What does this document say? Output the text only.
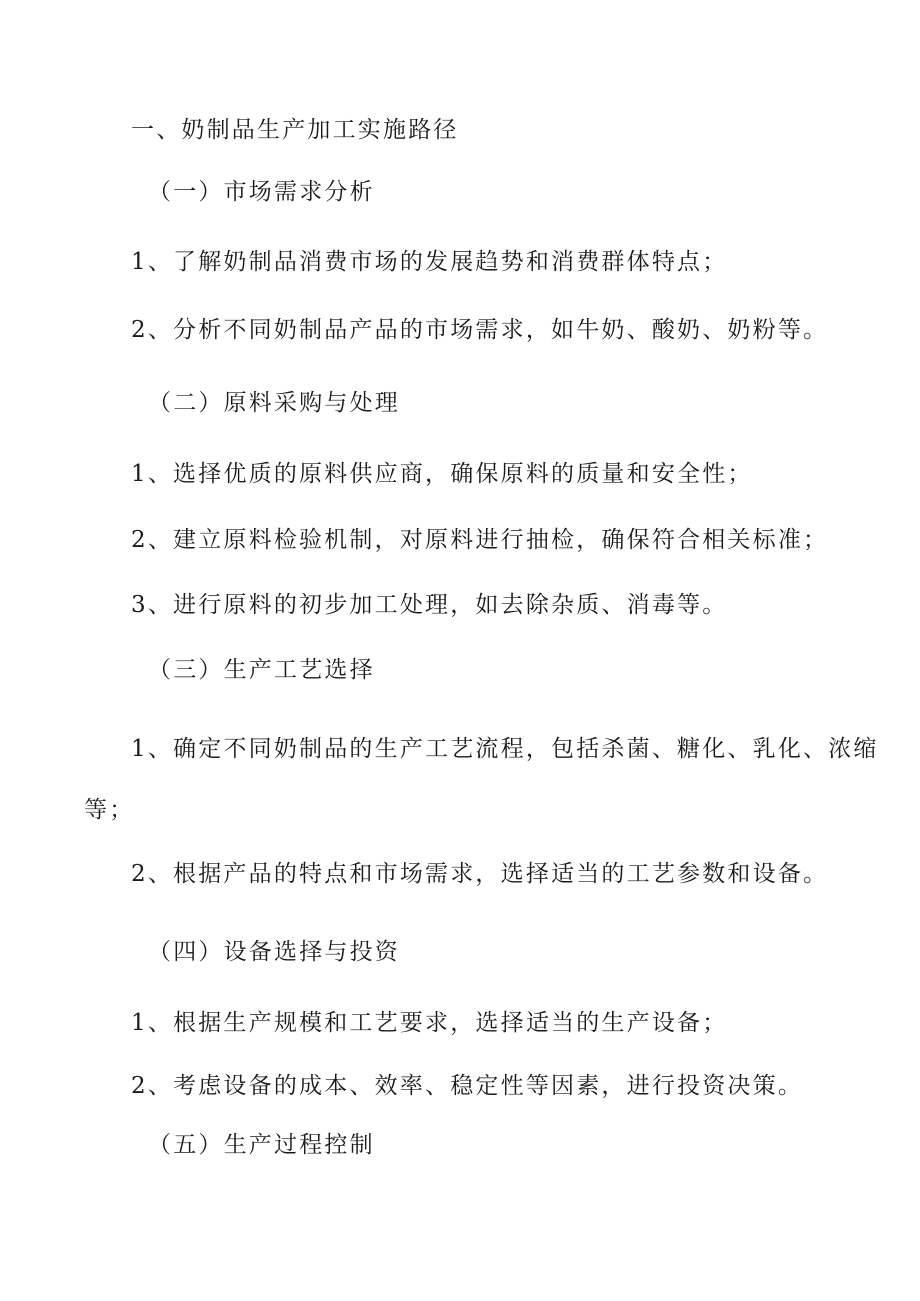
一、奶制品生产加工实施路径
（一）市场需求分析
1、了解奶制品消费市场的发展趋势和消费群体特点；
2、分析不同奶制品产品的市场需求，如牛奶、酸奶、奶粉等。
（二）原料采购与处理
1、选择优质的原料供应商，确保原料的质量和安全性；
2、建立原料检验机制，对原料进行抽检，确保符合相关标准；
3、进行原料的初步加工处理，如去除杂质、消毒等。
（三）生产工艺选择
1、确定不同奶制品的生产工艺流程，包括杀菌、糖化、乳化、浓缩
等；
2、根据产品的特点和市场需求，选择适当的工艺参数和设备。
（四）设备选择与投资
1、根据生产规模和工艺要求，选择适当的生产设备；
2、考虑设备的成本、效率、稳定性等因素，进行投资决策。
（五）生产过程控制
